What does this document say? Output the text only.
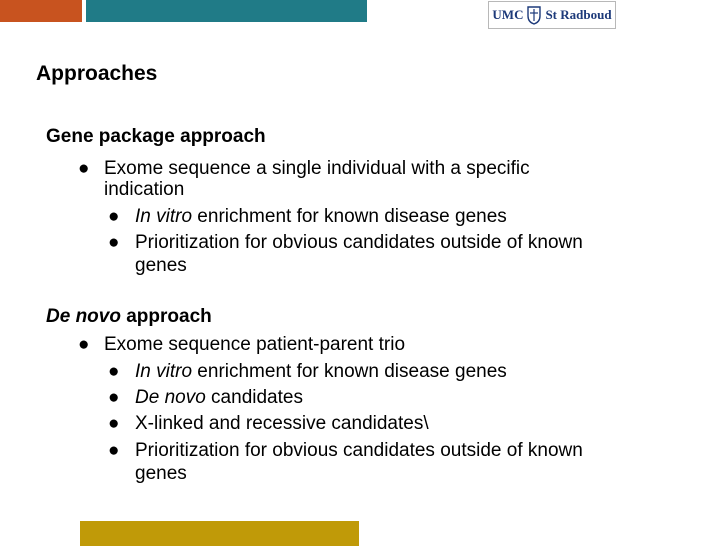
UMC St Radboud
Approaches
Gene package approach
● Exome sequence a single individual with a specific
indication
● In vitro enrichment for known disease genes
● Prioritization for obvious candidates outside of known
genes
De novo approach
● Exome sequence patient-parent trio
● In vitro enrichment for known disease genes
● De novo candidates
● X-linked and recessive candidates\
● Prioritization for obvious candidates outside of known
genes
